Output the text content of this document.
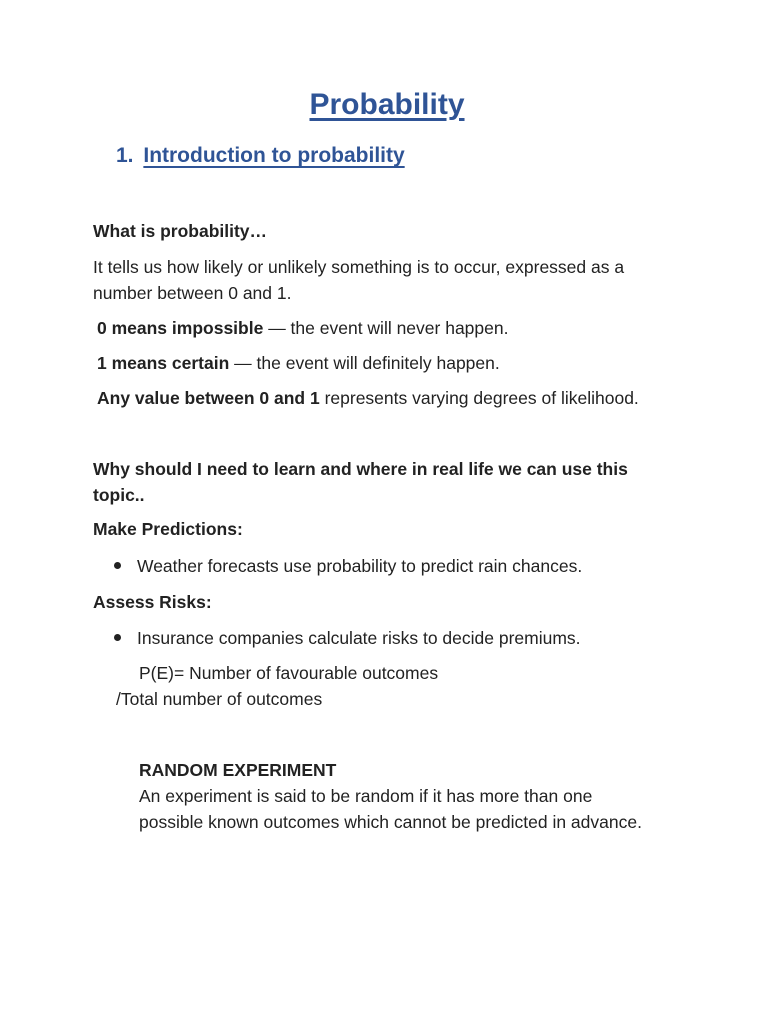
Probability
1. Introduction to probability

What is probability…

It tells us how likely or unlikely something is to occur, expressed as a number between 0 and 1.

0 means impossible — the event will never happen.

1 means certain — the event will definitely happen.

Any value between 0 and 1 represents varying degrees of likelihood.

Why should I need to learn and where in real life we can use this topic..

Make Predictions:

Weather forecasts use probability to predict rain chances.

Assess Risks:

Insurance companies calculate risks to decide premiums.

P(E)= Number of favourable outcomes

/Total number of outcomes

RANDOM EXPERIMENT

An experiment is said to be random if it has more than one possible known outcomes which cannot be predicted in advance.
